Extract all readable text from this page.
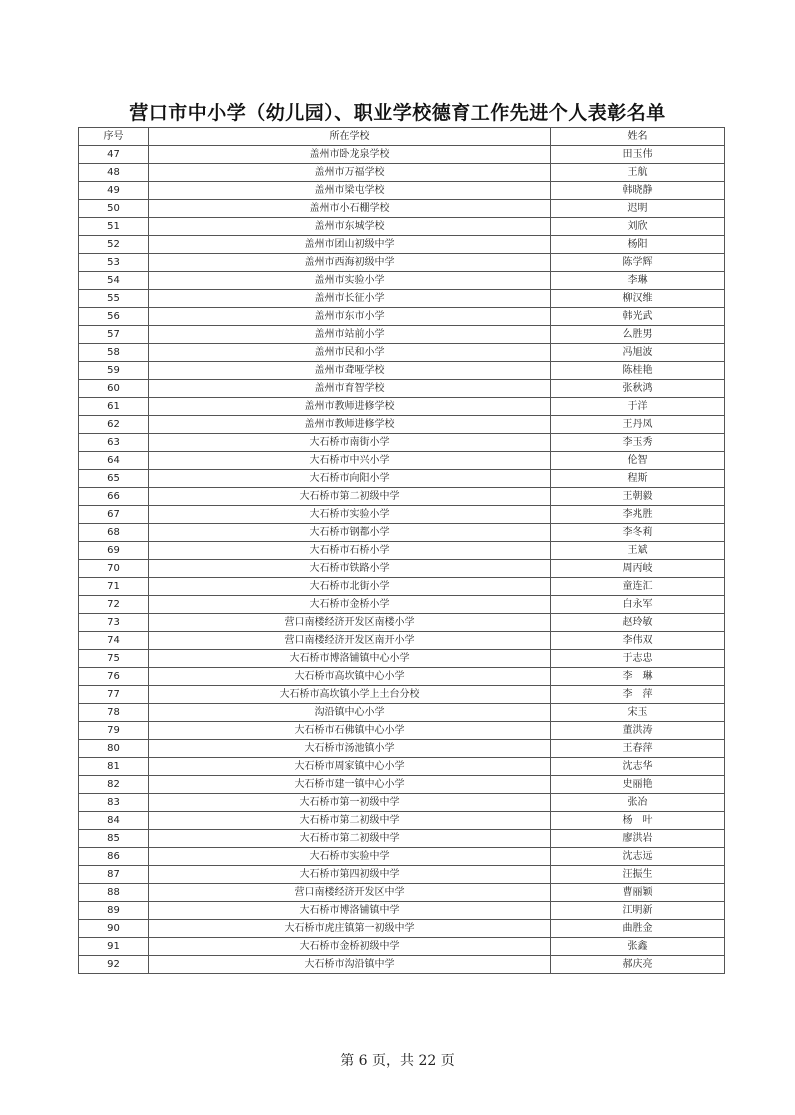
营口市中小学（幼儿园）、职业学校德育工作先进个人表彰名单
序号	所在学校	姓名
47	盖州市卧龙泉学校	田玉伟
48	盖州市万福学校	王航
49	盖州市梁屯学校	韩晓静
50	盖州市小石棚学校	迟明
51	盖州市东城学校	刘欣
52	盖州市团山初级中学	杨阳
53	盖州市西海初级中学	陈学辉
54	盖州市实验小学	李琳
55	盖州市长征小学	柳汉维
56	盖州市东市小学	韩光武
57	盖州市站前小学	么胜男
58	盖州市民和小学	冯旭波
59	盖州市聋哑学校	陈桂艳
60	盖州市育智学校	张秋鸿
61	盖州市教师进修学校	于洋
62	盖州市教师进修学校	王丹凤
63	大石桥市南街小学	李玉秀
64	大石桥市中兴小学	伦智
65	大石桥市向阳小学	程斯
66	大石桥市第二初级中学	王朝毅
67	大石桥市实验小学	李兆胜
68	大石桥市钢都小学	李冬莉
69	大石桥市石桥小学	王斌
70	大石桥市铁路小学	周丙岐
71	大石桥市北街小学	童连汇
72	大石桥市金桥小学	白永军
73	营口南楼经济开发区南楼小学	赵玲敏
74	营口南楼经济开发区南开小学	李伟双
75	大石桥市博洛铺镇中心小学	于志忠
76	大石桥市高坎镇中心小学	李　琳
77	大石桥市高坎镇小学上土台分校	李　萍
78	沟沿镇中心小学	宋玉
79	大石桥市石佛镇中心小学	董洪涛
80	大石桥市汤池镇小学	王春萍
81	大石桥市周家镇中心小学	沈志华
82	大石桥市建一镇中心小学	史丽艳
83	大石桥市第一初级中学	张冶
84	大石桥市第二初级中学	杨　叶
85	大石桥市第二初级中学	廖洪岩
86	大石桥市实验中学	沈志远
87	大石桥市第四初级中学	汪振生
88	营口南楼经济开发区中学	曹丽颖
89	大石桥市博洛铺镇中学	江明新
90	大石桥市虎庄镇第一初级中学	曲胜金
91	大石桥市金桥初级中学	张鑫
92	大石桥市沟沿镇中学	郝庆亮
第 6 页，共 22 页
